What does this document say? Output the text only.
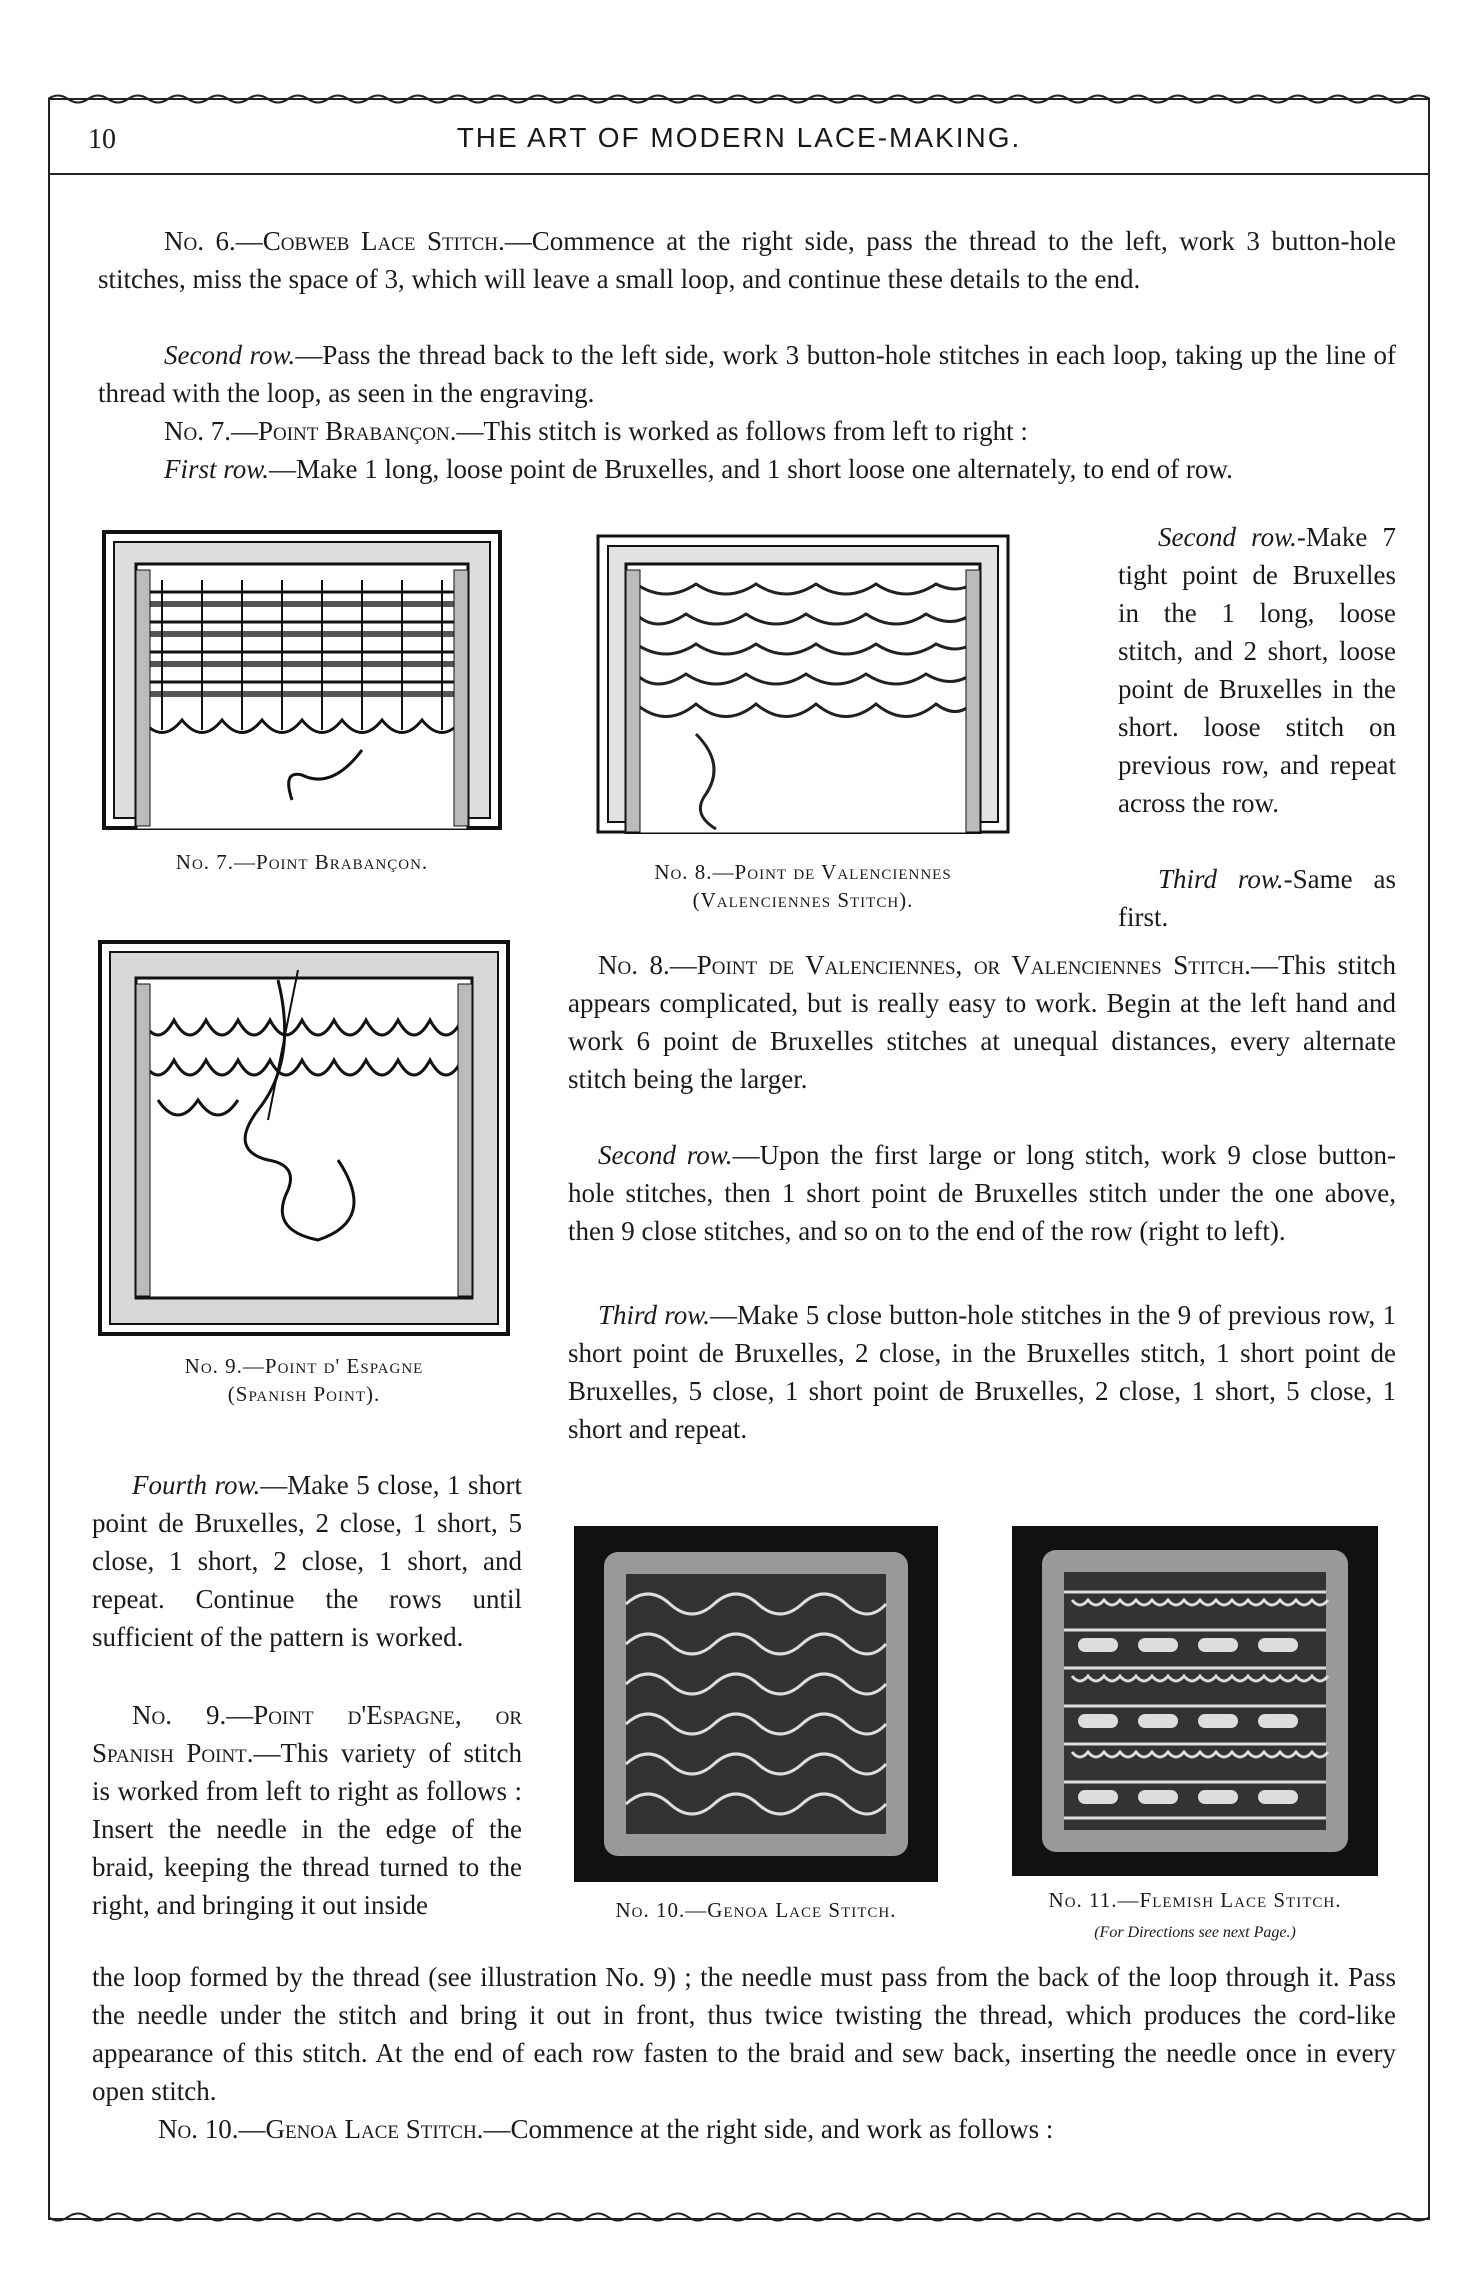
10	THE ART OF MODERN LACE-MAKING.

No. 6.—Cobweb Lace Stitch.—Commence at the right side, pass the thread to the left, work 3 button-hole stitches, miss the space of 3, which will leave a small loop, and continue these details to the end.

Second row.—Pass the thread back to the left side, work 3 button-hole stitches in each loop, taking up the line of thread with the loop, as seen in the engraving.

No. 7.—Point Brabançon.—This stitch is worked as follows from left to right :

First row.—Make 1 long, loose point de Bruxelles, and 1 short loose one alternately, to end of row.

No. 7.—Point Brabançon.	No. 8.—Point de Valenciennes
(Valenciennes Stitch).

Second row.-Make 7 tight point de Bruxelles in the 1 long, loose stitch, and 2 short, loose point de Bruxelles in the short. loose stitch on previous row, and repeat across the row.

Third row.-Same as first.

No. 9.—Point d' Espagne
(Spanish Point).

No. 8.—Point de Valenciennes, or Valenciennes Stitch.—This stitch appears complicated, but is really easy to work. Begin at the left hand and work 6 point de Bruxelles stitches at unequal distances, every alternate stitch being the larger.

Second row.—Upon the first large or long stitch, work 9 close button-hole stitches, then 1 short point de Bruxelles stitch under the one above, then 9 close stitches, and so on to the end of the row (right to left).

Third row.—Make 5 close button-hole stitches in the 9 of previous row, 1 short point de Bruxelles, 2 close, in the Bruxelles stitch, 1 short point de Bruxelles, 5 close, 1 short point de Bruxelles, 2 close, 1 short, 5 close, 1 short and repeat.

Fourth row.—Make 5 close, 1 short point de Bruxelles, 2 close, 1 short, 5 close, 1 short, 2 close, 1 short, and repeat. Continue the rows until sufficient of the pattern is worked.

No. 9.—Point d'Espagne, or Spanish Point.—This variety of stitch is worked from left to right as follows : Insert the needle in the edge of the braid, keeping the thread turned to the right, and bringing it out inside	No. 10.—Genoa Lace Stitch.	No. 11.—Flemish Lace Stitch.
(For Directions see next Page.)

the loop formed by the thread (see illustration No. 9) ; the needle must pass from the back of the loop through it. Pass the needle under the stitch and bring it out in front, thus twice twisting the thread, which produces the cord-like appearance of this stitch. At the end of each row fasten to the braid and sew back, inserting the needle once in every open stitch.

No. 10.—Genoa Lace Stitch.—Commence at the right side, and work as follows :
